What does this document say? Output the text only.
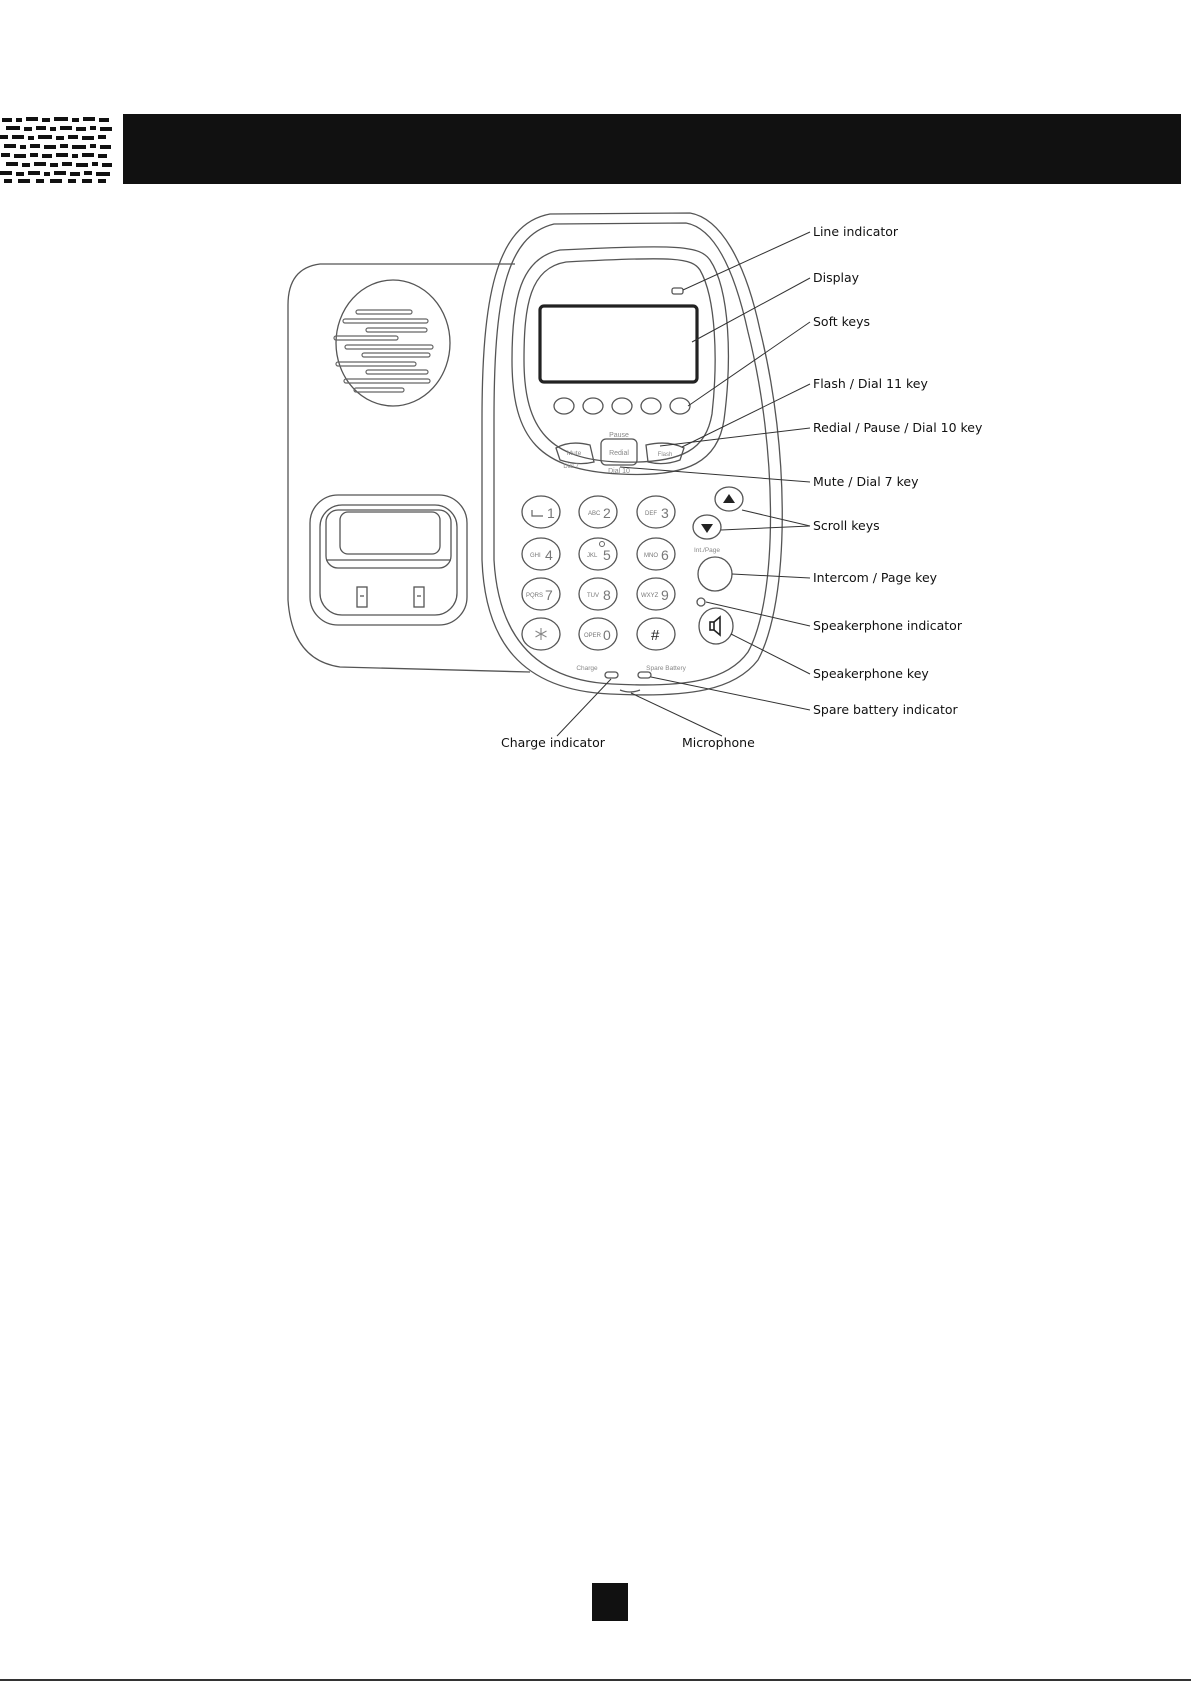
Pause
Redial
Dial 10
Mute
Dial 7
Flash
Int./Page
Charge	Spare Battery
ABC 2	DEF 3
1
GHI 4	JKL 5	MNO 6
PQRS 7	TUV 8	WXYZ 9
OPER 0	#
Line indicator
Display
Soft keys
Flash / Dial 11 key
Redial / Pause / Dial 10 key
Mute / Dial 7 key
Scroll keys
Intercom / Page key
Speakerphone indicator
Speakerphone key
Spare battery indicator
Charge indicator	Microphone
